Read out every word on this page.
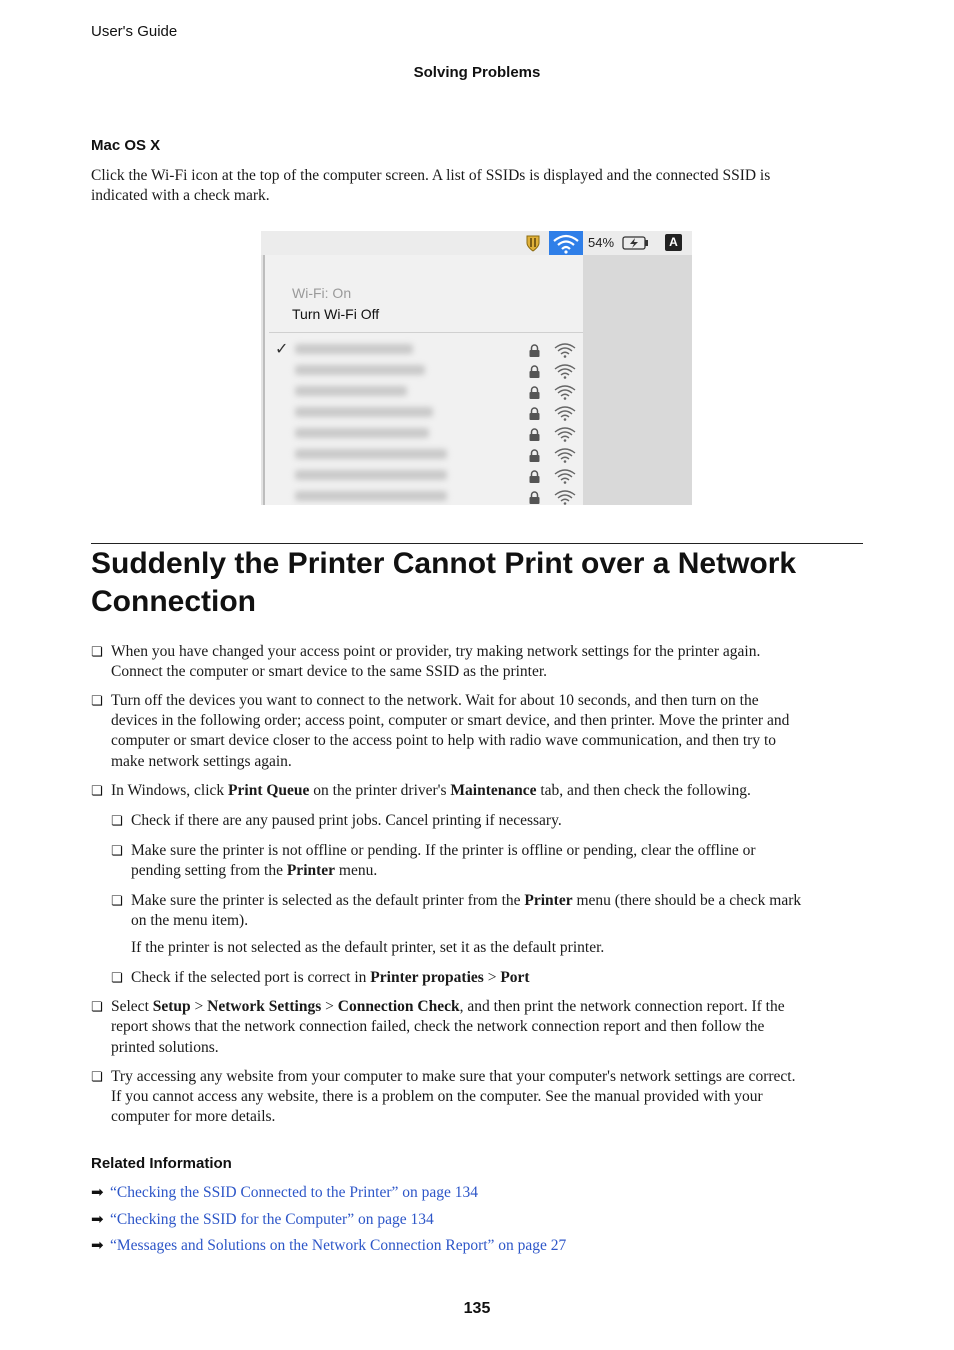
User's Guide
Solving Problems
Mac OS X
Click the Wi-Fi icon at the top of the computer screen. A list of SSIDs is displayed and the connected SSID is
indicated with a check mark.
54%	A
Wi-Fi: On
Turn Wi-Fi Off
✓
Suddenly the Printer Cannot Print over a Network
Connection
❏ When you have changed your access point or provider, try making network settings for the printer again.
Connect the computer or smart device to the same SSID as the printer.
❏ Turn off the devices you want to connect to the network. Wait for about 10 seconds, and then turn on the
devices in the following order; access point, computer or smart device, and then printer. Move the printer and
computer or smart device closer to the access point to help with radio wave communication, and then try to
make network settings again.
❏ In Windows, click Print Queue on the printer driver's Maintenance tab, and then check the following.
❏ Check if there are any paused print jobs. Cancel printing if necessary.
❏ Make sure the printer is not offline or pending. If the printer is offline or pending, clear the offline or
pending setting from the Printer menu.
❏ Make sure the printer is selected as the default printer from the Printer menu (there should be a check mark
on the menu item).
If the printer is not selected as the default printer, set it as the default printer.
❏ Check if the selected port is correct in Printer propaties > Port
❏ Select Setup > Network Settings > Connection Check, and then print the network connection report. If the
report shows that the network connection failed, check the network connection report and then follow the
printed solutions.
❏ Try accessing any website from your computer to make sure that your computer's network settings are correct.
If you cannot access any website, there is a problem on the computer. See the manual provided with your
computer for more details.
Related Information
➡ “Checking the SSID Connected to the Printer” on page 134
➡ “Checking the SSID for the Computer” on page 134
➡ “Messages and Solutions on the Network Connection Report” on page 27
135
